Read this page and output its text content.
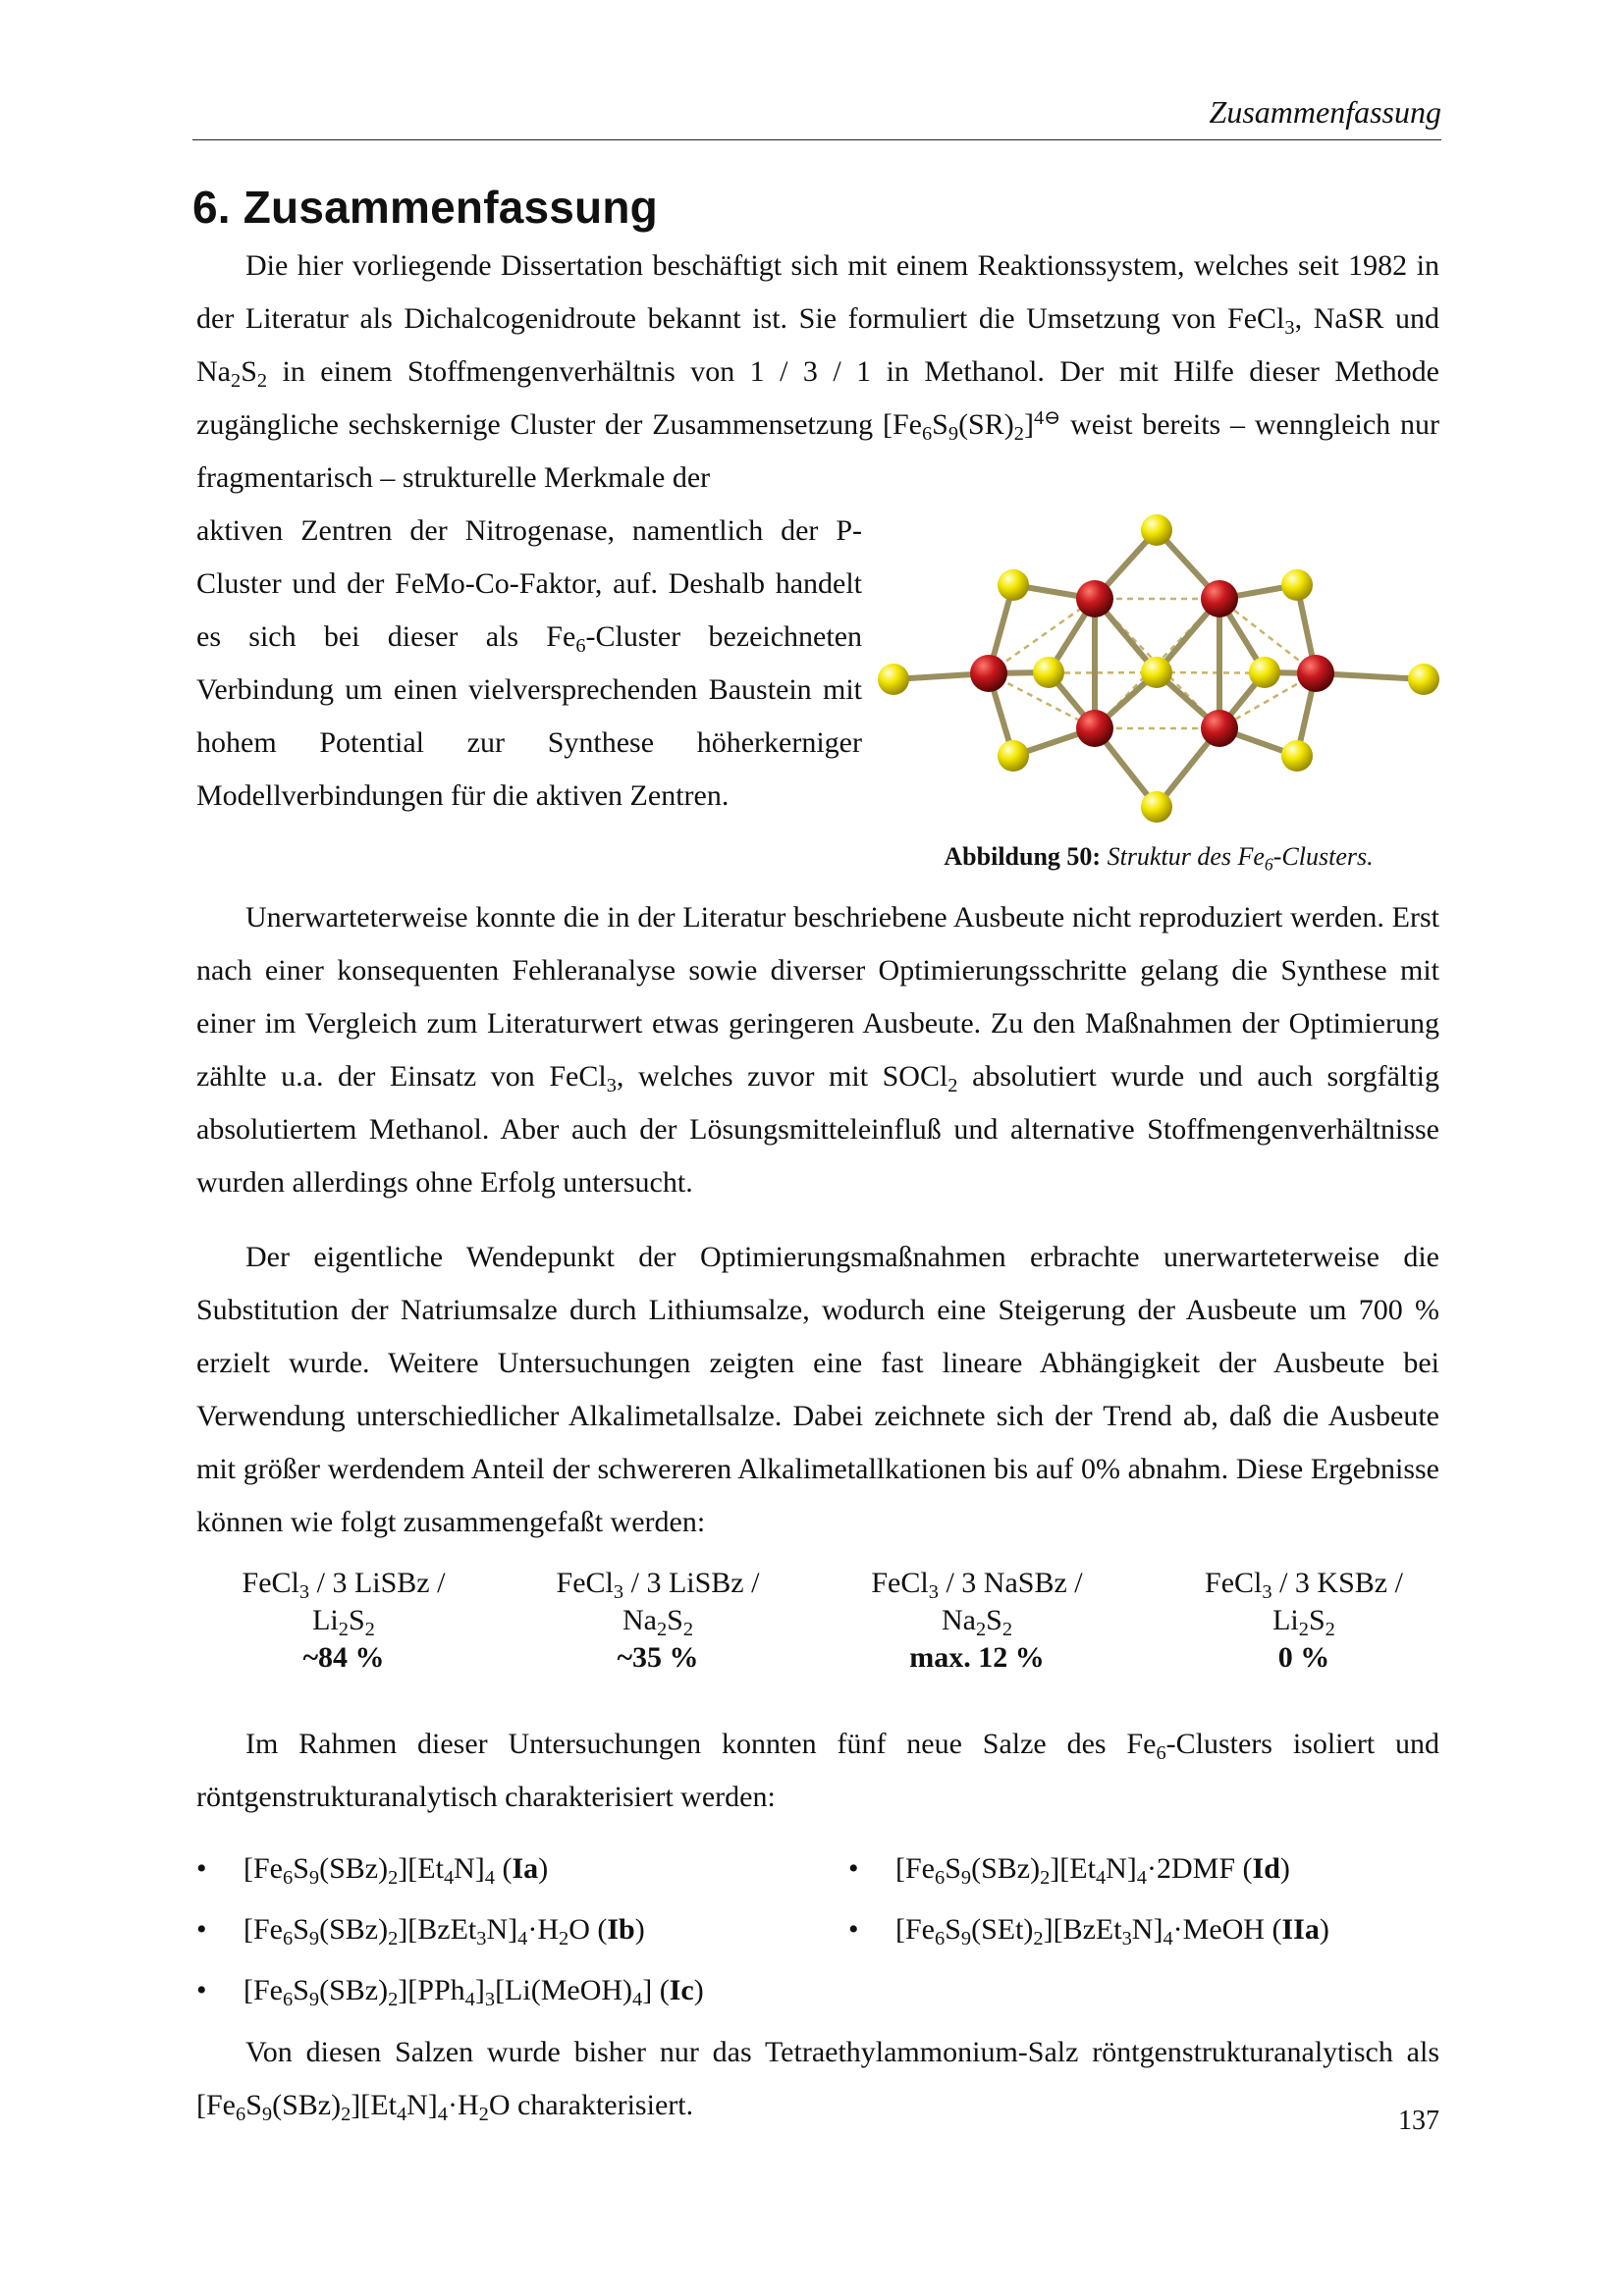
Zusammenfassung
6. Zusammenfassung

Die hier vorliegende Dissertation beschäftigt sich mit einem Reaktionssystem, welches seit 1982 in der Literatur als Dichalcogenidroute bekannt ist. Sie formuliert die Umsetzung von FeCl$_3$, NaSR und $Na_2S_2$ in einem Stoffmengenverhältnis von 1 / 3 / 1 in Methanol. Der mit Hilfe dieser Methode zugängliche sechskernige Cluster der Zusammensetzung $[Fe_6S_9(SR)_2]^{4⊖}$ weist bereits – wenngleich nur fragmentarisch – strukturelle Merkmale der

aktiven Zentren der Nitrogenase, namentlich der P-Cluster und der FeMo-Co-Faktor, auf. Deshalb handelt es sich bei dieser als $Fe_6$-Cluster bezeichneten Verbindung um einen vielversprechenden Baustein mit hohem Potential zur Synthese höherkerniger Modellverbindungen für die aktiven Zentren.

Abbildung 50: Struktur des $Fe_6$-Clusters.

Unerwarteterweise konnte die in der Literatur beschriebene Ausbeute nicht reproduziert werden. Erst nach einer konsequenten Fehleranalyse sowie diverser Optimierungsschritte gelang die Synthese mit einer im Vergleich zum Literaturwert etwas geringeren Ausbeute. Zu den Maßnahmen der Optimierung zählte u.a. der Einsatz von FeCl$_3$, welches zuvor mit SOCl$_2$ absolutiert wurde und auch sorgfältig absolutiertem Methanol. Aber auch der Lösungsmitteleinfluß und alternative Stoffmengenverhältnisse wurden allerdings ohne Erfolg untersucht.

Der eigentliche Wendepunkt der Optimierungsmaßnahmen erbrachte unerwarteterweise die Substitution der Natriumsalze durch Lithiumsalze, wodurch eine Steigerung der Ausbeute um 700 % erzielt wurde. Weitere Untersuchungen zeigten eine fast lineare Abhängigkeit der Ausbeute bei Verwendung unterschiedlicher Alkalimetallsalze. Dabei zeichnete sich der Trend ab, daß die Ausbeute mit größer werdendem Anteil der schwereren Alkalimetallkationen bis auf 0% abnahm. Diese Ergebnisse können wie folgt zusammengefaßt werden:

FeCl$_3$ / 3 LiSBz /
$Li_2S_2$
~84 %
FeCl$_3$ / 3 LiSBz /
$Na_2S_2$
~35 %
FeCl$_3$ / 3 NaSBz /
$Na_2S_2$
max. 12 %
FeCl$_3$ / 3 KSBz /
$Li_2S_2$
0 %

Im Rahmen dieser Untersuchungen konnten fünf neue Salze des $Fe_6$-Clusters isoliert und röntgenstrukturanalytisch charakterisiert werden:

• $[Fe_6S_9(SBz)_2][Et_4N]_4$ (Ia)
• $[Fe_6S_9(SBz)_2][BzEt_3N]_4\cdot H_2O$ (Ib)
• $[Fe_6S_9(SBz)_2][PPh_4]_3[Li(MeOH)_4]$ (Ic)
• $[Fe_6S_9(SBz)_2][Et_4N]_4\cdot 2DMF$ (Id)
• $[Fe_6S_9(SEt)_2][BzEt_3N]_4\cdot MeOH$ (IIa)

Von diesen Salzen wurde bisher nur das Tetraethylammonium-Salz röntgenstrukturanalytisch als $[Fe_6S_9(SBz)_2][Et_4N]_4\cdot H_2O$ charakterisiert.	137
